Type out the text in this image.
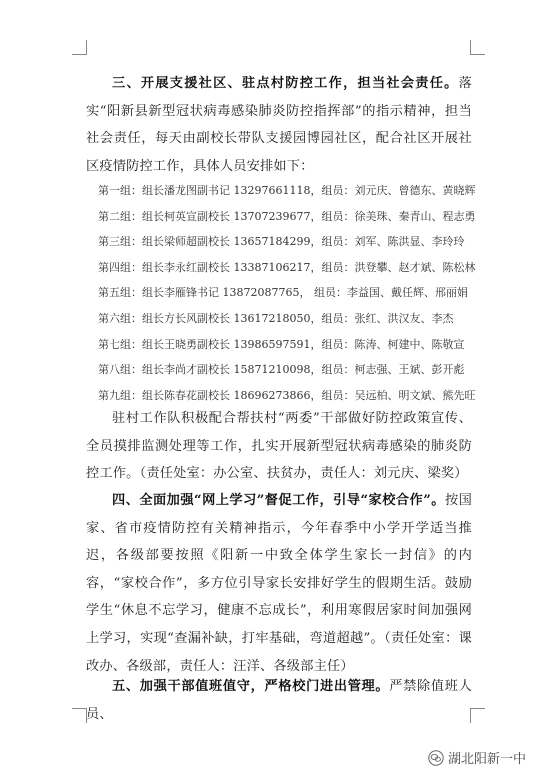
三、开展支援社区、驻点村防控工作，担当社会责任。落实“阳新县新型冠状病毒感染肺炎防控指挥部”的指示精神，担当社会责任，每天由副校长带队支援园博园社区，配合社区开展社区疫情防控工作，具体人员安排如下：
第一组：组长潘龙图副书记 13297661118，组员：刘元庆、曾德东、黄晓辉
第二组：组长柯英宣副校长 13707239677，组员：徐美珠、秦青山、程志勇
第三组：组长梁师超副校长 13657184299，组员：刘军、陈洪显、李玲玲
第四组：组长李永红副校长 13387106217，组员：洪登攀、赵才斌、陈松林
第五组：组长李雁锋书记 13872087765， 组员：李益国、戴任辉、邢丽娟
第六组：组长方长风副校长 13617218050，组员：张红、洪汉友、李杰
第七组：组长王晓勇副校长 13986597591，组员：陈涛、柯建中、陈敬宣
第八组：组长李尚才副校长 15871210098，组员：柯志强、王斌、彭开彪
第九组：组长陈春花副校长 18696273866，组员：吴远柏、明文斌、熊先旺
驻村工作队积极配合帮扶村“两委”干部做好防控政策宣传、全员摸排监测处理等工作，扎实开展新型冠状病毒感染的肺炎防控工作。（责任处室：办公室、扶贫办，责任人：刘元庆、梁奖）
四、全面加强“网上学习”督促工作，引导“家校合作”。按国家、省市疫情防控有关精神指示，今年春季中小学开学适当推迟，各级部要按照《阳新一中致全体学生家长一封信》的内容，“家校合作”，多方位引导家长安排好学生的假期生活。鼓励学生“休息不忘学习，健康不忘成长”，利用寒假居家时间加强网上学习，实现“查漏补缺，打牢基础，弯道超越”。（责任处室：课改办、各级部，责任人：汪洋、各级部主任）
五、加强干部值班值守，严格校门进出管理。严禁除值班人员、
湖北阳新一中
